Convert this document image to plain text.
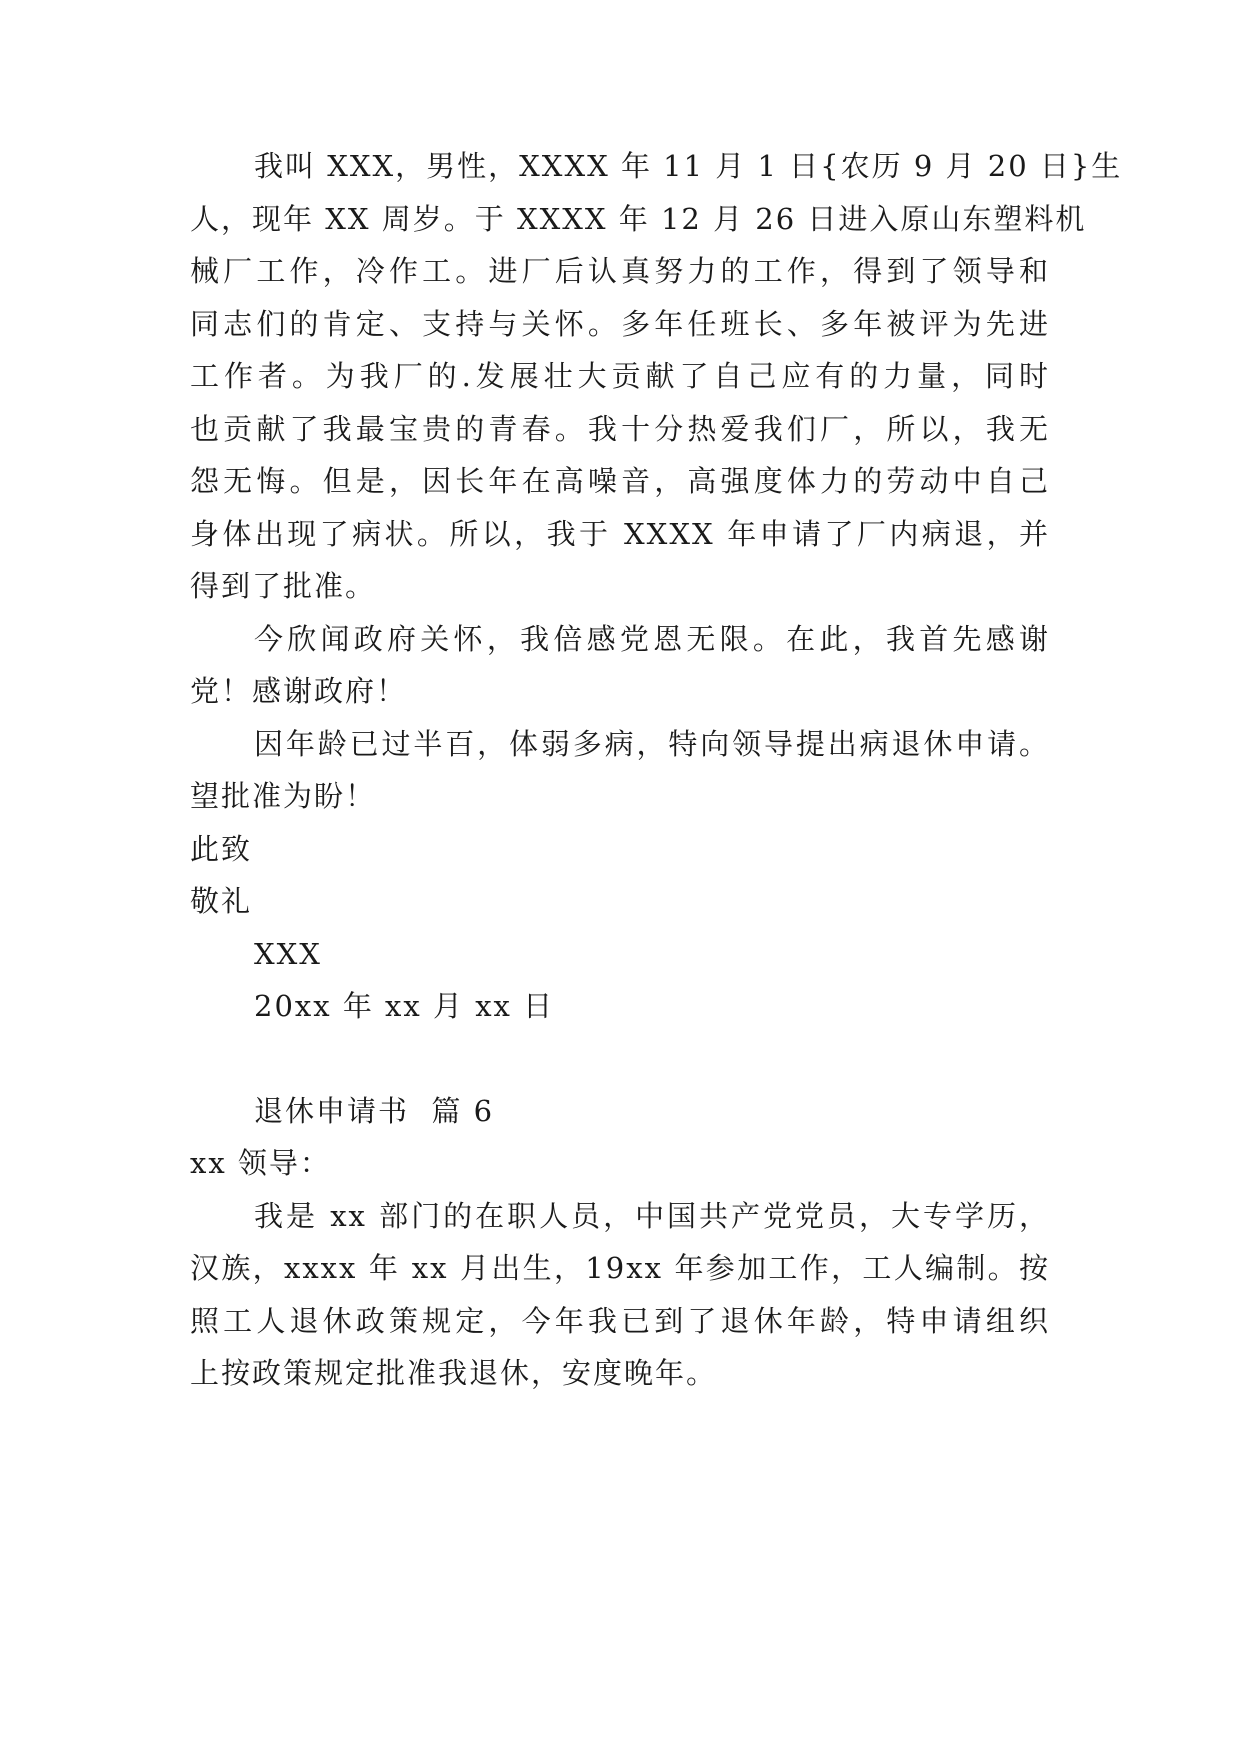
我叫 XXX，男性，XXXX 年 11 月 1 日{农历 9 月 20 日}生
人，现年 XX 周岁。于 XXXX 年 12 月 26 日进入原山东塑料机
械厂工作，冷作工。进厂后认真努力的工作，得到了领导和
同志们的肯定、支持与关怀。多年任班长、多年被评为先进
工作者。为我厂的.发展壮大贡献了自己应有的力量，同时
也贡献了我最宝贵的青春。我十分热爱我们厂，所以，我无
怨无悔。但是，因长年在高噪音，高强度体力的劳动中自己
身体出现了病状。所以，我于 XXXX 年申请了厂内病退，并
得到了批准。
今欣闻政府关怀，我倍感党恩无限。在此，我首先感谢
党！感谢政府！
因年龄已过半百，体弱多病，特向领导提出病退休申请。
望批准为盼！
此致
敬礼
XXX
20xx 年 xx 月 xx 日
退休申请书  篇 6
xx 领导：
我是 xx 部门的在职人员，中国共产党党员，大专学历，
汉族，xxxx 年 xx 月出生，19xx 年参加工作，工人编制。按
照工人退休政策规定，今年我已到了退休年龄，特申请组织
上按政策规定批准我退休，安度晚年。
